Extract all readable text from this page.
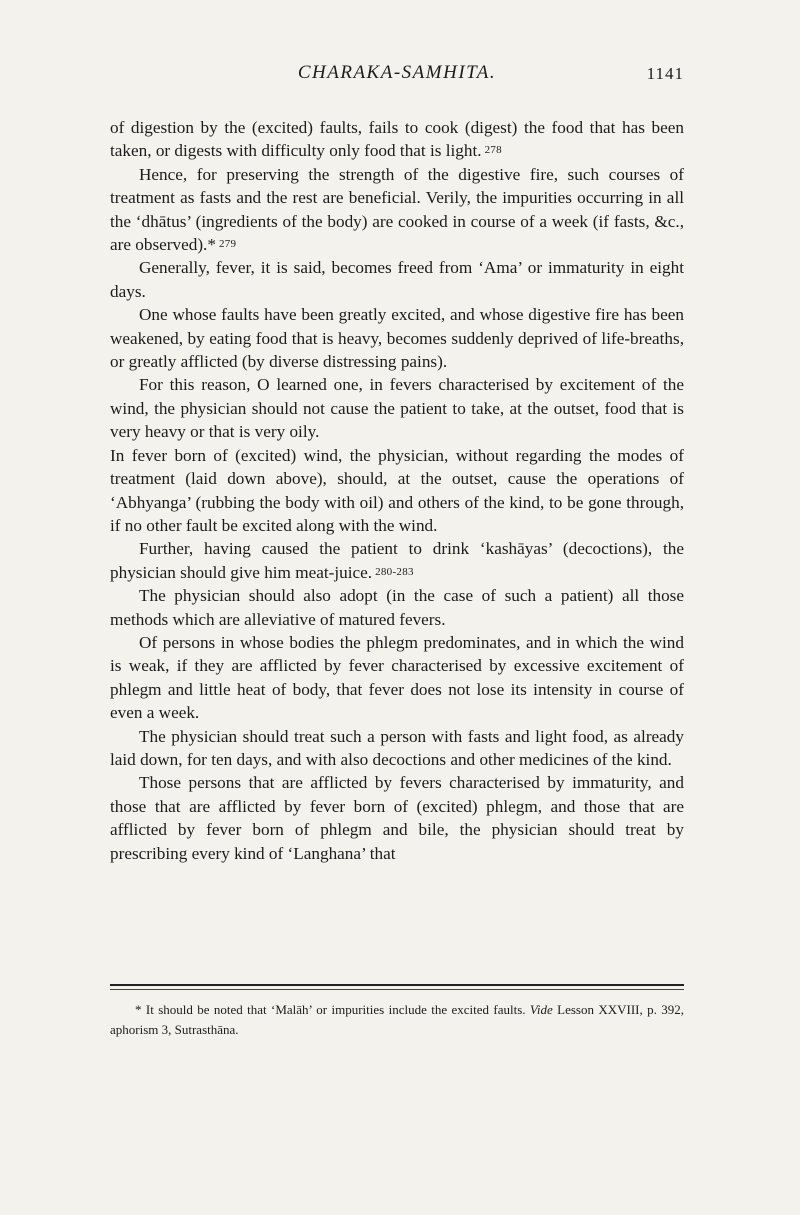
CHARAKA-SAMHITA.	1141

of digestion by the (excited) faults, fails to cook (digest) the food that has been taken, or digests with difficulty only food that is light. 278

Hence, for preserving the strength of the digestive fire, such courses of treatment as fasts and the rest are beneficial. Verily, the impurities occurring in all the ‘dhātus’ (ingredients of the body) are cooked in course of a week (if fasts, &c., are observed).* 279

Generally, fever, it is said, becomes freed from ‘Ama’ or immaturity in eight days.

One whose faults have been greatly excited, and whose digestive fire has been weakened, by eating food that is heavy, becomes suddenly deprived of life-breaths, or greatly afflicted (by diverse distressing pains).

For this reason, O learned one, in fevers characterised by excitement of the wind, the physician should not cause the patient to take, at the outset, food that is very heavy or that is very oily.

In fever born of (excited) wind, the physician, without regarding the modes of treatment (laid down above), should, at the outset, cause the operations of ‘Abhyanga’ (rubbing the body with oil) and others of the kind, to be gone through, if no other fault be excited along with the wind.

Further, having caused the patient to drink ‘kashāyas’ (decoctions), the physician should give him meat-juice. 280-283

The physician should also adopt (in the case of such a patient) all those methods which are alleviative of matured fevers.

Of persons in whose bodies the phlegm predominates, and in which the wind is weak, if they are afflicted by fever characterised by excessive excitement of phlegm and little heat of body, that fever does not lose its intensity in course of even a week.

The physician should treat such a person with fasts and light food, as already laid down, for ten days, and with also decoctions and other medicines of the kind.

Those persons that are afflicted by fevers characterised by immaturity, and those that are afflicted by fever born of (excited) phlegm, and those that are afflicted by fever born of phlegm and bile, the physician should treat by prescribing every kind of ‘Langhana’ that

* It should be noted that ‘Malāh’ or impurities include the excited faults. Vide Lesson XXVIII, p. 392, aphorism 3, Sutrasthāna.
